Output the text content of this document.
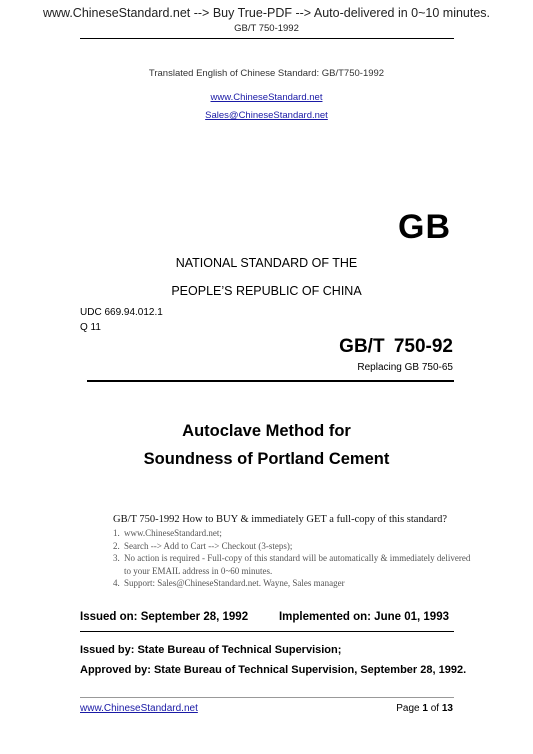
www.ChineseStandard.net --> Buy True-PDF --> Auto-delivered in 0~10 minutes.
GB/T 750-1992
Translated English of Chinese Standard: GB/T750-1992
www.ChineseStandard.net
Sales@ChineseStandard.net
GB
NATIONAL STANDARD OF THE
PEOPLE’S REPUBLIC OF CHINA
UDC 669.94.012.1
Q 11
GB/T 750-92
Replacing GB 750-65
Autoclave Method for
Soundness of Portland Cement

GB/T 750-1992 How to BUY & immediately GET a full-copy of this standard?

1. www.ChineseStandard.net;
2. Search --> Add to Cart --> Checkout (3-steps);
3. No action is required - Full-copy of this standard will be automatically & immediately delivered to your EMAIL address in 0~60 minutes.
4. Support: Sales@ChineseStandard.net. Wayne, Sales manager
Issued on: September 28, 1992	Implemented on: June 01, 1993
Issued by: State Bureau of Technical Supervision;
Approved by: State Bureau of Technical Supervision, September 28, 1992.
www.ChineseStandard.net	Page 1 of 13
